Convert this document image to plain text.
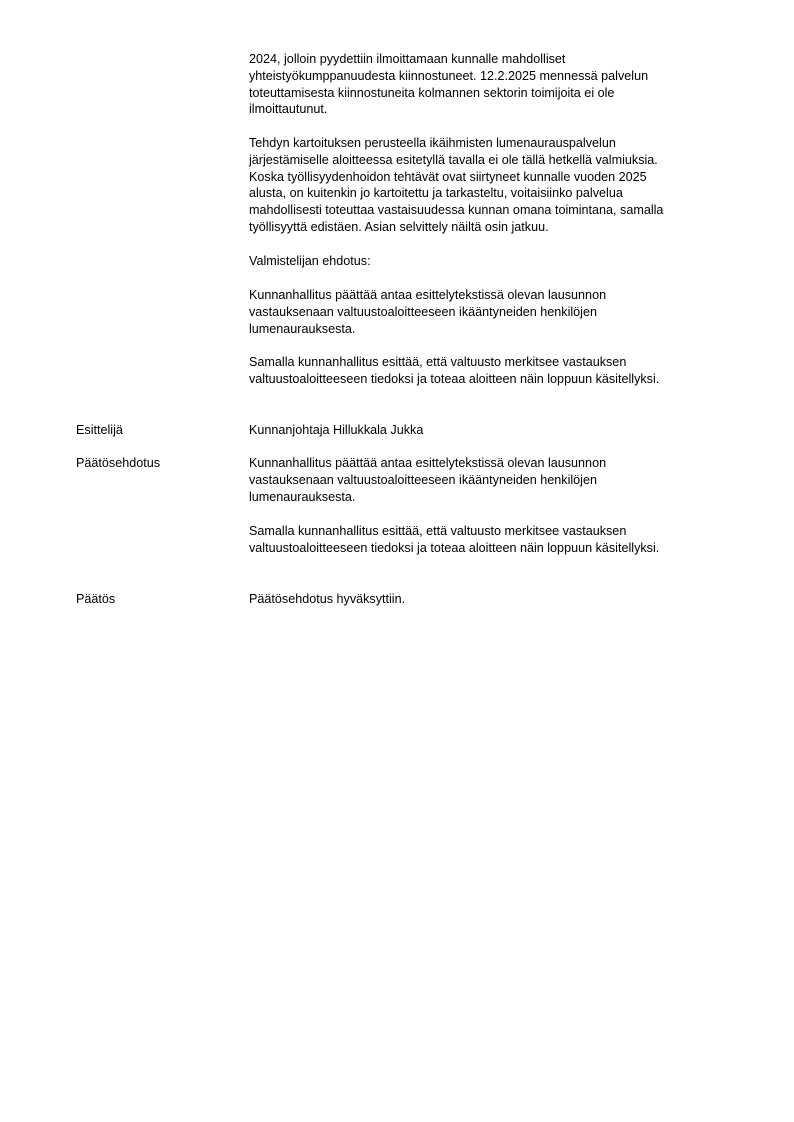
2024, jolloin pyydettiin ilmoittamaan kunnalle mahdolliset
yhteistyökumppanuudesta kiinnostuneet. 12.2.2025 mennessä palvelun
toteuttamisesta kiinnostuneita kolmannen sektorin toimijoita ei ole
ilmoittautunut.

Tehdyn kartoituksen perusteella ikäihmisten lumenaurauspalvelun
järjestämiselle aloitteessa esitetyllä tavalla ei ole tällä hetkellä valmiuksia.
Koska työllisyydenhoidon tehtävät ovat siirtyneet kunnalle vuoden 2025
alusta, on kuitenkin jo kartoitettu ja tarkasteltu, voitaisiinko palvelua
mahdollisesti toteuttaa vastaisuudessa kunnan omana toimintana, samalla
työllisyyttä edistäen. Asian selvittely näiltä osin jatkuu.

Valmistelijan ehdotus:

Kunnanhallitus päättää antaa esittelytekstissä olevan lausunnon
vastauksenaan valtuustoaloitteeseen ikääntyneiden henkilöjen
lumenaurauksesta.

Samalla kunnanhallitus esittää, että valtuusto merkitsee vastauksen
valtuustoaloitteeseen tiedoksi ja toteaa aloitteen näin loppuun käsitellyksi.

Esittelijä	Kunnanjohtaja Hillukkala Jukka

Päätösehdotus	Kunnanhallitus päättää antaa esittelytekstissä olevan lausunnon
vastauksenaan valtuustoaloitteeseen ikääntyneiden henkilöjen
lumenaurauksesta.

Samalla kunnanhallitus esittää, että valtuusto merkitsee vastauksen
valtuustoaloitteeseen tiedoksi ja toteaa aloitteen näin loppuun käsitellyksi.

Päätös	Päätösehdotus hyväksyttiin.
